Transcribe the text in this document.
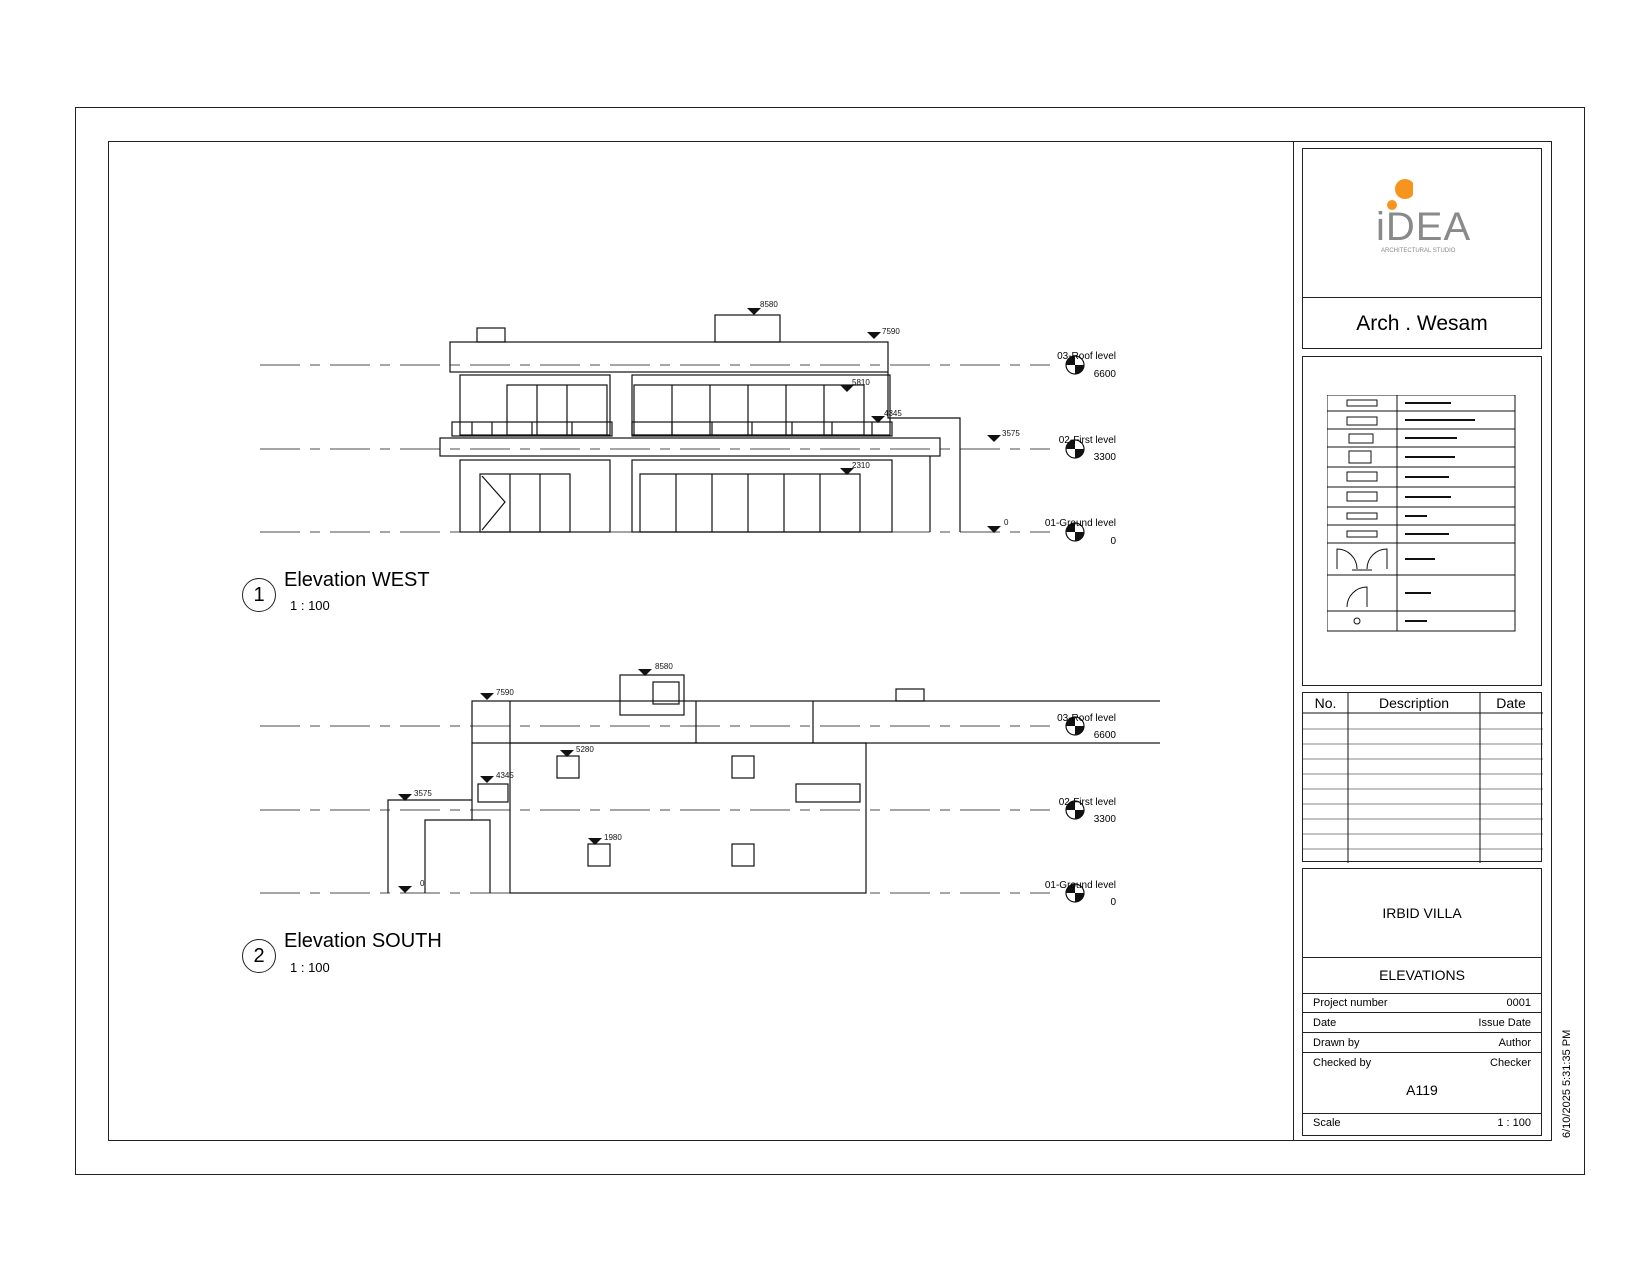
8580
7590
5810
4345
3575
2310
0
03-Roof level
6600
02-First level
3300
01-Ground level
0
1
Elevation WEST
1 : 100
8580
7590
5280
4345
3575
1980
0
03-Roof level
6600
02-First level
3300
01-Ground level
0
2
Elevation SOUTH
1 : 100
iDEA
ARCHITECTURAL STUDIO
Arch . Wesam
No.	Description	Date
IRBID VILLA
ELEVATIONS
Project number	0001
Date	Issue Date
Drawn by	Author
Checked by	Checker
A119
Scale	1 : 100	6/10/2025 5:31:35 PM
